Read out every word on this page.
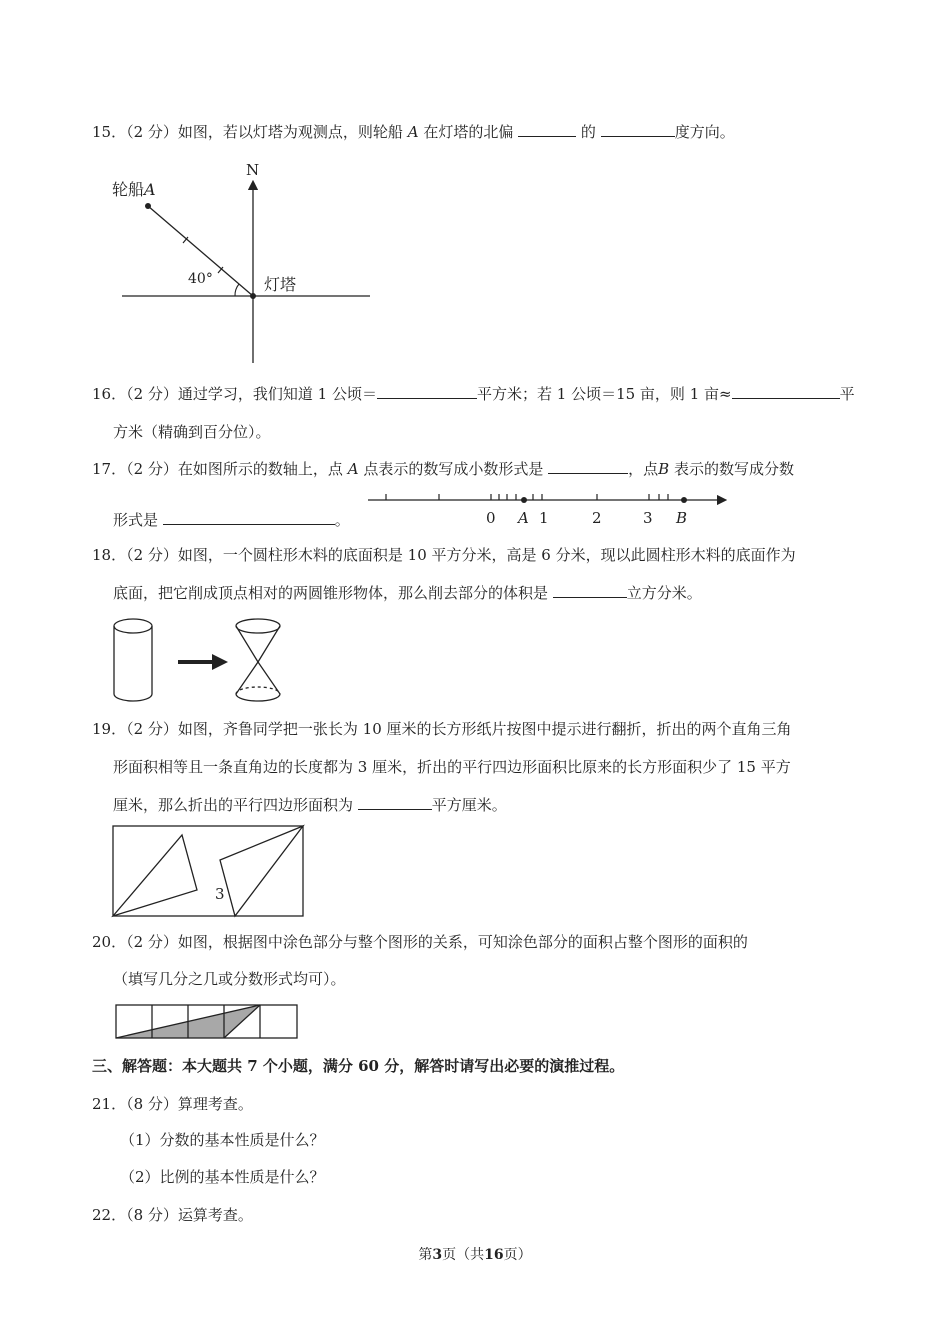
15．（2 分）如图，若以灯塔为观测点，则轮船 A 在灯塔的北偏	的	度方向。
轮船A
N
40°	灯塔
16．（2 分）通过学习，我们知道 1 公顷＝	平方米；若 1 公顷＝15 亩，则 1 亩≈	平
方米（精确到百分位）。
17．（2 分）在如图所示的数轴上，点 A 点表示的数写成小数形式是	，点B 表示的数写成分数
形式是	。	0 A 1	2	3 B
18．（2 分）如图，一个圆柱形木料的底面积是 10 平方分米，高是 6 分米，现以此圆柱形木料的底面作为
底面，把它削成顶点相对的两圆锥形物体，那么削去部分的体积是	立方分米。
19．（2 分）如图，齐鲁同学把一张长为 10 厘米的长方形纸片按图中提示进行翻折，折出的两个直角三角
形面积相等且一条直角边的长度都为 3 厘米，折出的平行四边形面积比原来的长方形面积少了 15 平方
厘米，那么折出的平行四边形面积为	平方厘米。
3
20．（2 分）如图，根据图中涂色部分与整个图形的关系，可知涂色部分的面积占整个图形的面积的
（填写几分之几或分数形式均可）。
三、解答题：本大题共 7 个小题，满分 60 分，解答时请写出必要的演推过程。
21．（8 分）算理考查。
（1）分数的基本性质是什么？
（2）比例的基本性质是什么？
22．（8 分）运算考查。
第3页（共16页）
